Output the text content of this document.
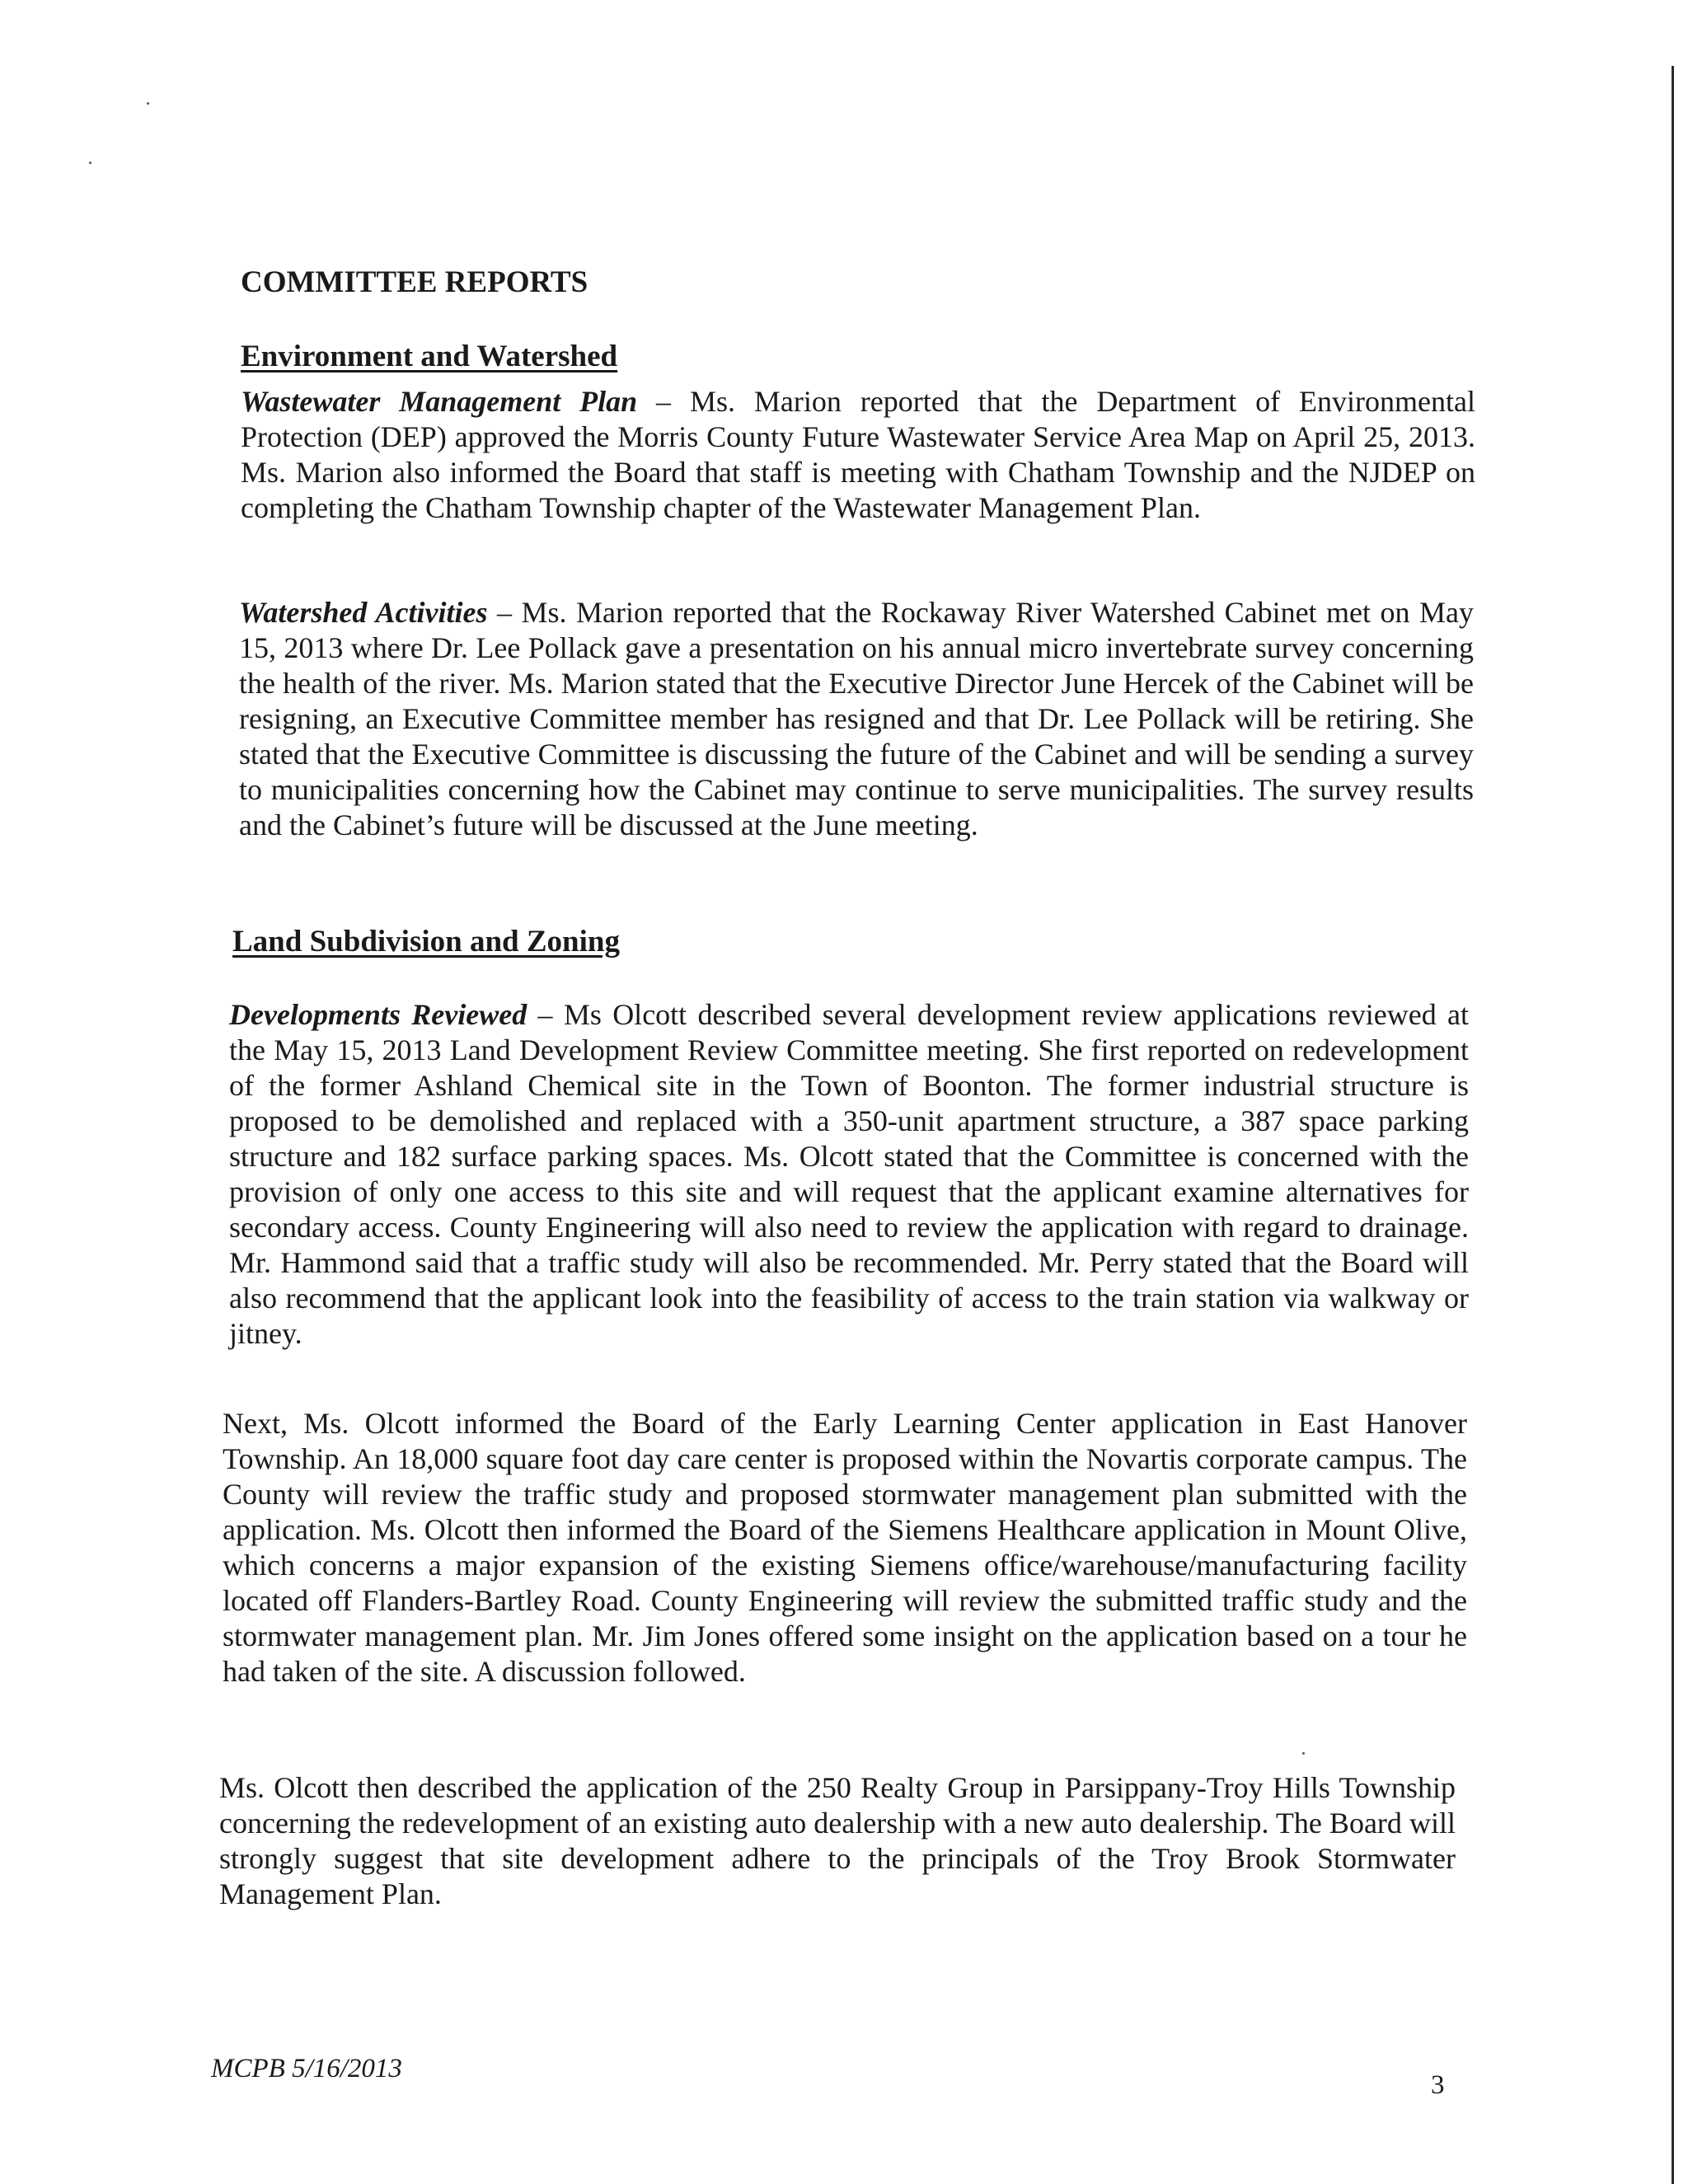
COMMITTEE REPORTS
Environment and Watershed
Wastewater Management Plan – Ms. Marion reported that the Department of Environmental Protection (DEP) approved the Morris County Future Wastewater Service Area Map on April 25, 2013. Ms. Marion also informed the Board that staff is meeting with Chatham Township and the NJDEP on completing the Chatham Township chapter of the Wastewater Management Plan.
Watershed Activities – Ms. Marion reported that the Rockaway River Watershed Cabinet met on May 15, 2013 where Dr. Lee Pollack gave a presentation on his annual micro invertebrate survey concerning the health of the river. Ms. Marion stated that the Executive Director June Hercek of the Cabinet will be resigning, an Executive Committee member has resigned and that Dr. Lee Pollack will be retiring. She stated that the Executive Committee is discussing the future of the Cabinet and will be sending a survey to municipalities concerning how the Cabinet may continue to serve municipalities. The survey results and the Cabinet’s future will be discussed at the June meeting.
Land Subdivision and Zoning
Developments Reviewed – Ms Olcott described several development review applications reviewed at the May 15, 2013 Land Development Review Committee meeting. She first reported on redevelopment of the former Ashland Chemical site in the Town of Boonton. The former industrial structure is proposed to be demolished and replaced with a 350-unit apartment structure, a 387 space parking structure and 182 surface parking spaces. Ms. Olcott stated that the Committee is concerned with the provision of only one access to this site and will request that the applicant examine alternatives for secondary access. County Engineering will also need to review the application with regard to drainage. Mr. Hammond said that a traffic study will also be recommended. Mr. Perry stated that the Board will also recommend that the applicant look into the feasibility of access to the train station via walkway or jitney.
Next, Ms. Olcott informed the Board of the Early Learning Center application in East Hanover Township. An 18,000 square foot day care center is proposed within the Novartis corporate campus. The County will review the traffic study and proposed stormwater management plan submitted with the application. Ms. Olcott then informed the Board of the Siemens Healthcare application in Mount Olive, which concerns a major expansion of the existing Siemens office/warehouse/manufacturing facility located off Flanders-Bartley Road. County Engineering will review the submitted traffic study and the stormwater management plan. Mr. Jim Jones offered some insight on the application based on a tour he had taken of the site. A discussion followed.
Ms. Olcott then described the application of the 250 Realty Group in Parsippany-Troy Hills Township concerning the redevelopment of an existing auto dealership with a new auto dealership. The Board will strongly suggest that site development adhere to the principals of the Troy Brook Stormwater Management Plan.
MCPB 5/16/2013
3
